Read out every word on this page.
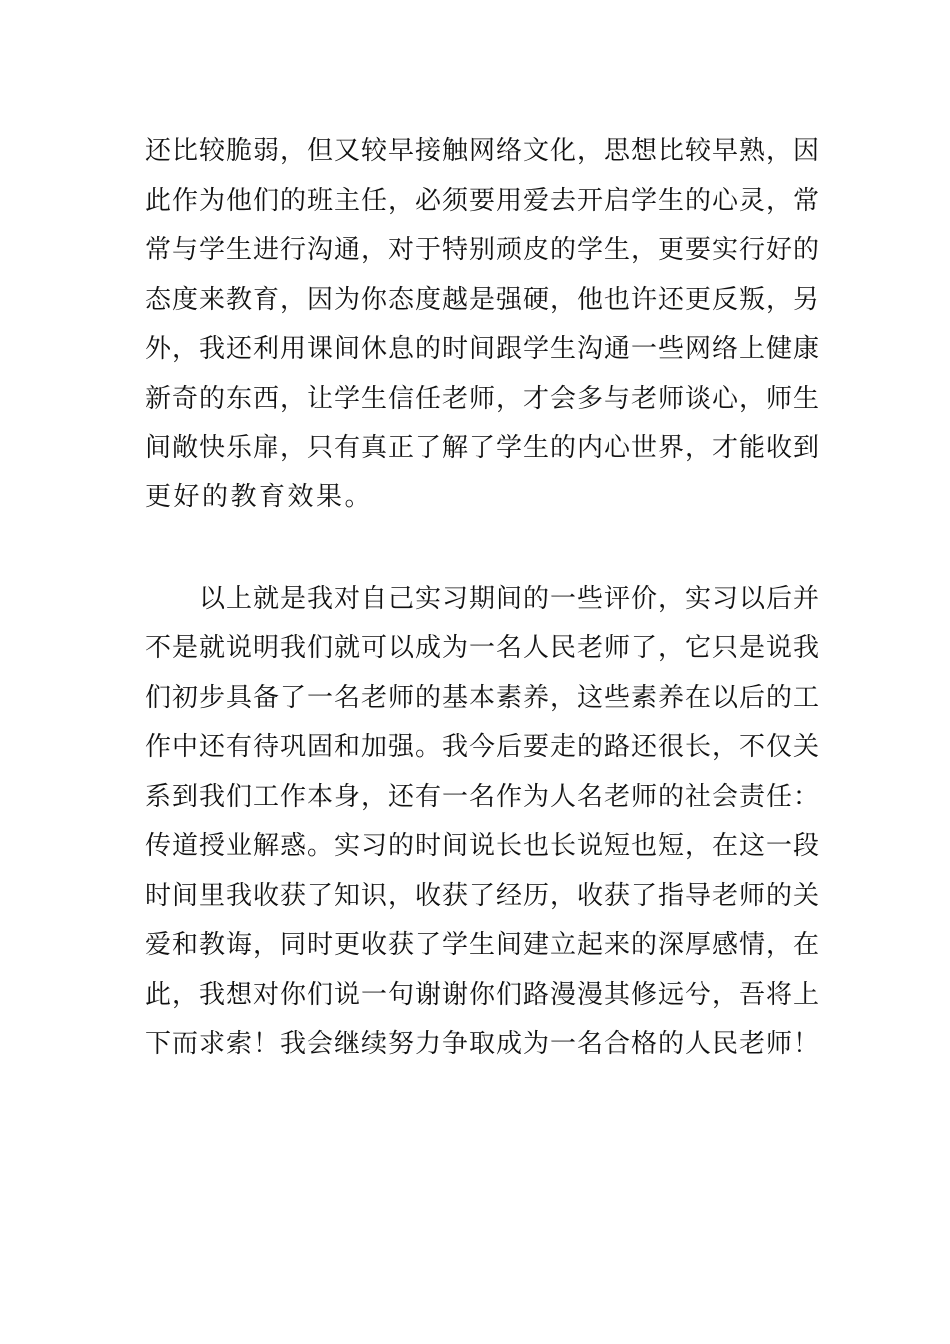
还比较脆弱，但又较早接触网络文化，思想比较早熟，因
此作为他们的班主任，必须要用爱去开启学生的心灵，常
常与学生进行沟通，对于特别顽皮的学生，更要实行好的
态度来教育，因为你态度越是强硬，他也许还更反叛，另
外，我还利用课间休息的时间跟学生沟通一些网络上健康
新奇的东西，让学生信任老师，才会多与老师谈心，师生
间敞快乐扉，只有真正了解了学生的内心世界，才能收到
更好的教育效果。
以上就是我对自己实习期间的一些评价，实习以后并
不是就说明我们就可以成为一名人民老师了，它只是说我
们初步具备了一名老师的基本素养，这些素养在以后的工
作中还有待巩固和加强。我今后要走的路还很长，不仅关
系到我们工作本身，还有一名作为人名老师的社会责任：
传道授业解惑。实习的时间说长也长说短也短，在这一段
时间里我收获了知识，收获了经历，收获了指导老师的关
爱和教诲，同时更收获了学生间建立起来的深厚感情，在
此，我想对你们说一句谢谢你们路漫漫其修远兮，吾将上
下而求索！我会继续努力争取成为一名合格的人民老师！
